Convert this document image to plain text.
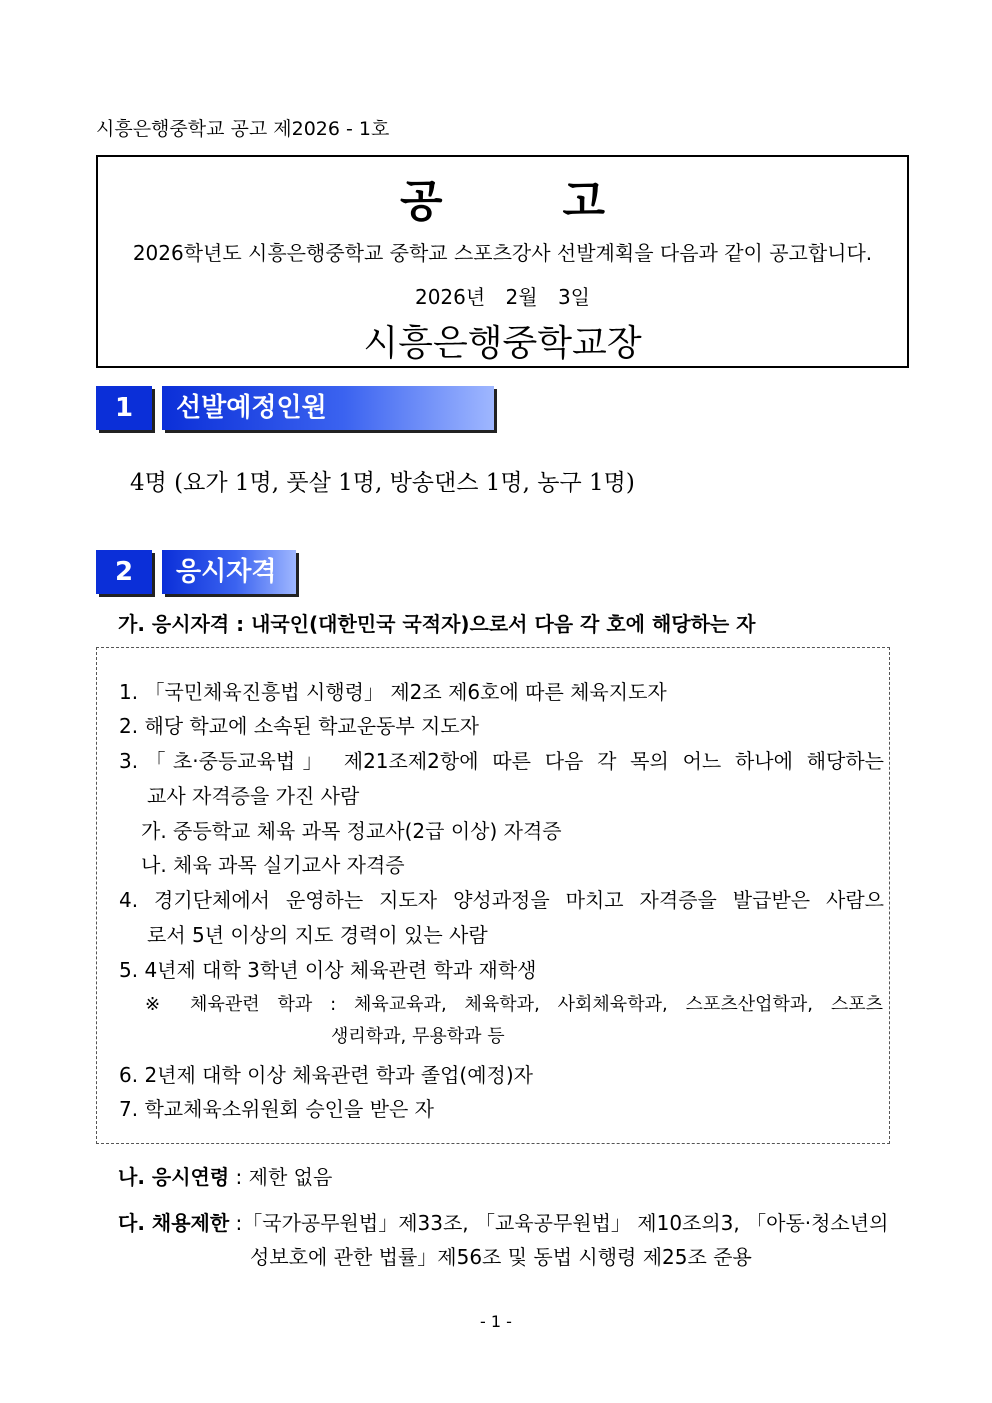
시흥은행중학교 공고 제2026 - 1호
공고
2026학년도 시흥은행중학교 중학교 스포츠강사 선발계획을 다음과 같이 공고합니다.
2026년 2월 3일
시흥은행중학교장
1	선발예정인원
4명 (요가 1명, 풋살 1명, 방송댄스 1명, 농구 1명)
2	응시자격
가. 응시자격 : 내국인(대한민국 국적자)으로서 다음 각 호에 해당하는 자
1. 「국민체육진흥법 시행령」 제2조 제6호에 따른 체육지도자
2. 해당 학교에 소속된 학교운동부 지도자
3.「초·중등교육법」 제21조제2항에 따른 다음 각 목의 어느 하나에 해당하는
교사 자격증을 가진 사람
가. 중등학교 체육 과목 정교사(2급 이상) 자격증
나. 체육 과목 실기교사 자격증
4. 경기단체에서 운영하는 지도자 양성과정을 마치고 자격증을 발급받은 사람으
로서 5년 이상의 지도 경력이 있는 사람
5. 4년제 대학 3학년 이상 체육관련 학과 재학생
※ 체육관련 학과 : 체육교육과, 체육학과, 사회체육학과, 스포츠산업학과, 스포츠
생리학과, 무용학과 등
6. 2년제 대학 이상 체육관련 학과 졸업(예정)자
7. 학교체육소위원회 승인을 받은 자
나. 응시연령 : 제한 없음
다. 채용제한 :「국가공무원법」제33조, 「교육공무원법」 제10조의3, 「아동·청소년의
성보호에 관한 법률」제56조 및 동법 시행령 제25조 준용
- 1 -
